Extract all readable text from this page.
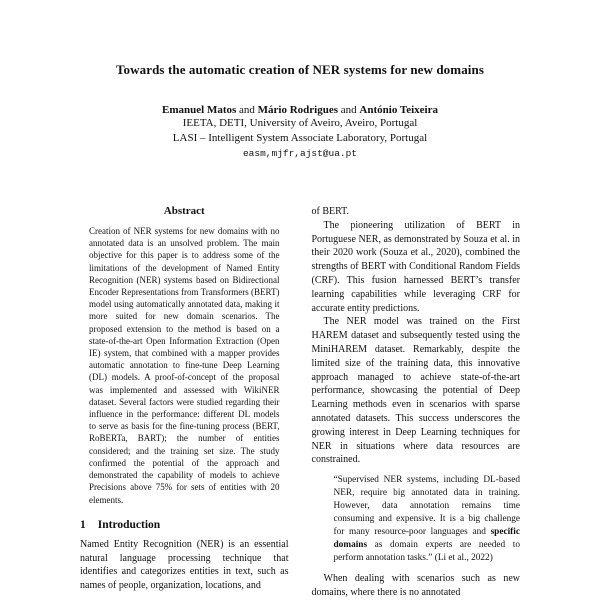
Towards the automatic creation of NER systems for new domains
Emanuel Matos and Mário Rodrigues and António Teixeira
IEETA, DETI, University of Aveiro, Aveiro, Portugal
LASI – Intelligent System Associate Laboratory, Portugal
easm,mjfr,ajst@ua.pt
Abstract

Creation of NER systems for new domains with no annotated data is an unsolved problem. The main objective for this paper is to address some of the limitations of the development of Named Entity Recognition (NER) systems based on Bidirectional Encoder Representations from Transformers (BERT) model using automatically annotated data, making it more suited for new domain scenarios. The proposed extension to the method is based on a state-of-the-art Open Information Extraction (Open IE) system, that combined with a mapper provides automatic annotation to fine-tune Deep Learning (DL) models. A proof-of-concept of the proposal was implemented and assessed with WikiNER dataset. Several factors were studied regarding their influence in the performance: different DL models to serve as basis for the fine-tuning process (BERT, RoBERTa, BART); the number of entities considered; and the training set size. The study confirmed the potential of the approach and demonstrated the capability of models to achieve Precisions above 75% for sets of entities with 20 elements.

1 Introduction

Named Entity Recognition (NER) is an essential natural language processing technique that identifies and categorizes entities in text, such as names of people, organization, locations, and

of BERT.

The pioneering utilization of BERT in Portuguese NER, as demonstrated by Souza et al. in their 2020 work (Souza et al., 2020), combined the strengths of BERT with Conditional Random Fields (CRF). This fusion harnessed BERT’s transfer learning capabilities while leveraging CRF for accurate entity predictions.

The NER model was trained on the First HAREM dataset and subsequently tested using the MiniHAREM dataset. Remarkably, despite the limited size of the training data, this innovative approach managed to achieve state-of-the-art performance, showcasing the potential of Deep Learning methods even in scenarios with sparse annotated datasets. This success underscores the growing interest in Deep Learning techniques for NER in situations where data resources are constrained.

“Supervised NER systems, including DL-based NER, require big annotated data in training. However, data annotation remains time consuming and expensive. It is a big challenge for many resource-poor languages and specific domains as domain experts are needed to perform annotation tasks.” (Li et al., 2022)

When dealing with scenarios such as new domains, where there is no annotated
